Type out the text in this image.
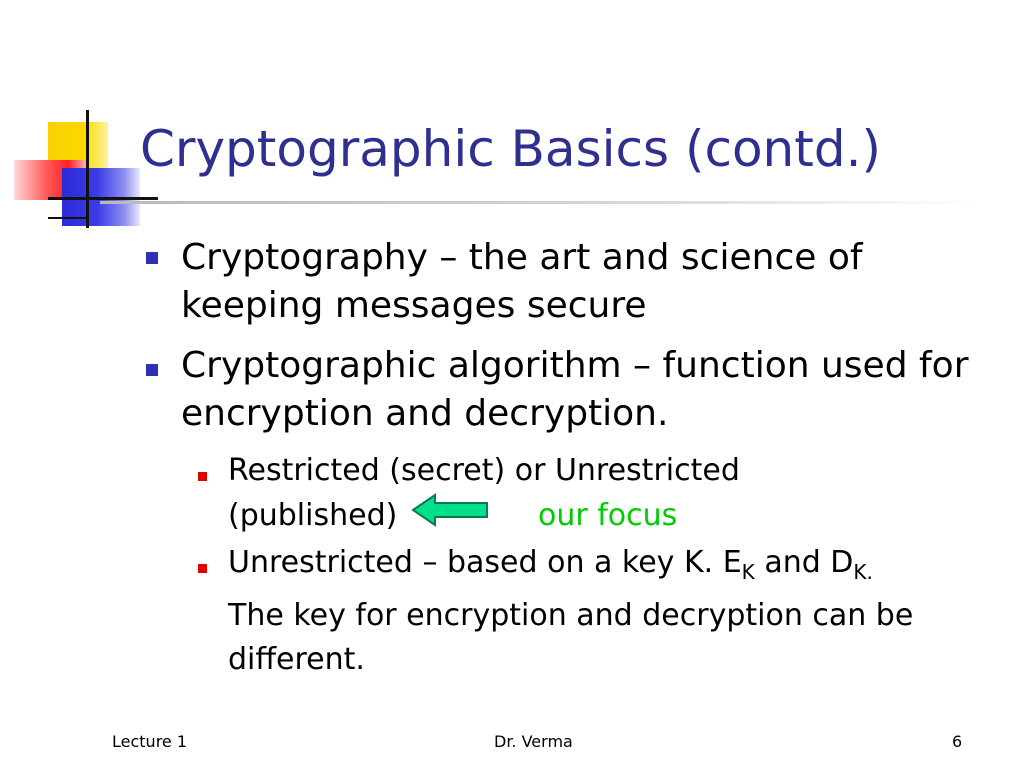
Cryptographic Basics (contd.)

Cryptography – the art and science of keeping messages secure

Cryptographic algorithm – function used for encryption and decryption.

Restricted (secret) or Unrestricted
(published)	our focus
Unrestricted – based on a key K. $E_K$ and $D_{K.}$
The key for encryption and decryption can be different.

Lecture 1	Dr. Verma	6
